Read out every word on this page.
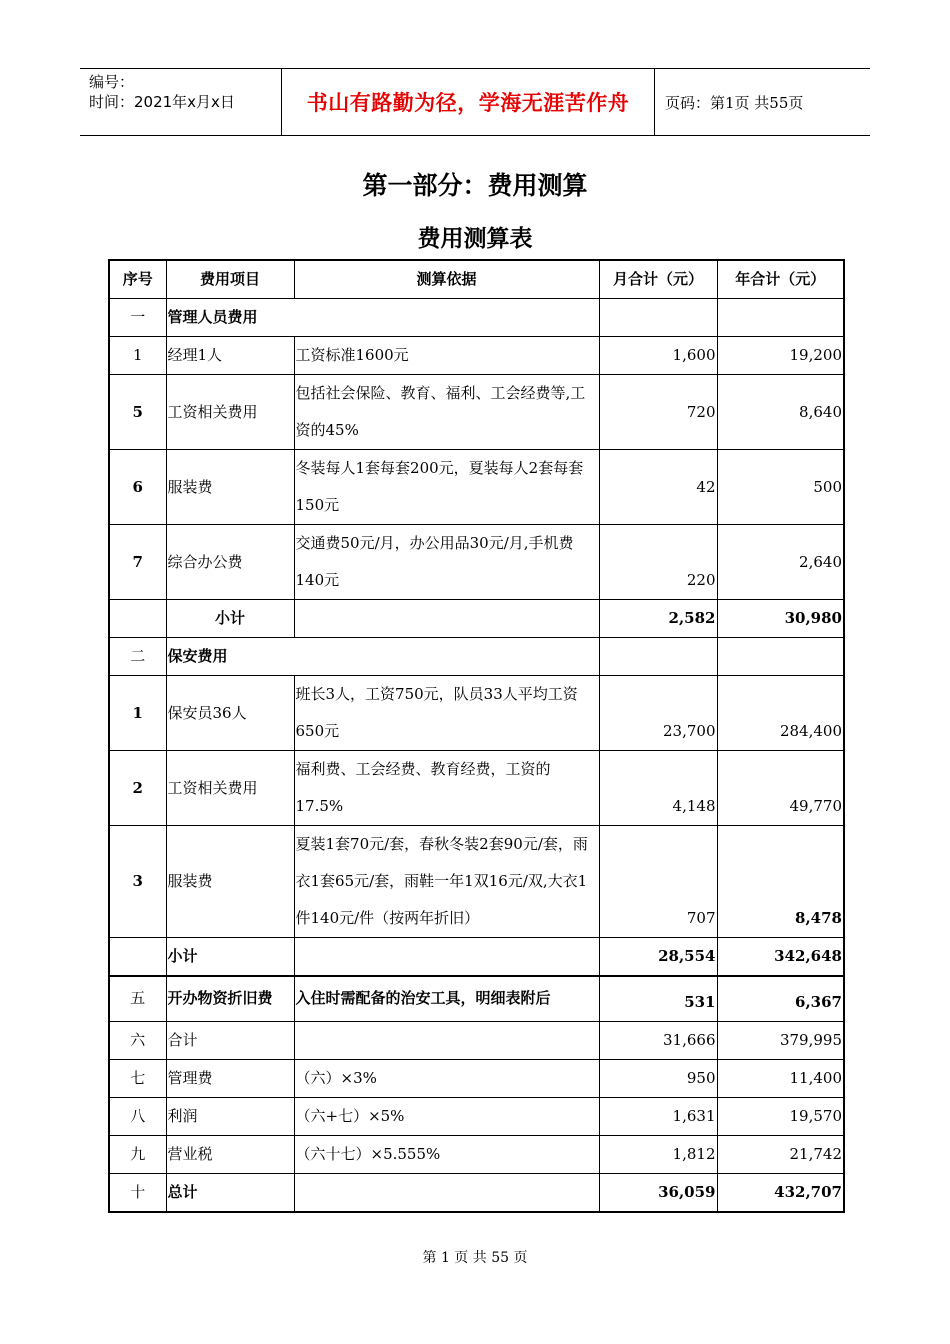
编号：
时间：2021年x月x日	书山有路勤为径，学海无涯苦作舟	页码：第1页 共55页
第一部分：费用测算
费用测算表
序号	费用项目	测算依据	月合计（元）	年合计（元）
一	管理人员费用			
1	经理1人	工资标准1600元	1,600	19,200
5	工资相关费用	包括社会保险、教育、福利、工会经费等,工资的45%	720	8,640
6	服装费	冬装每人1套每套200元，夏装每人2套每套150元	42	500
7	综合办公费	交通费50元/月，办公用品30元/月,手机费140元	220	2,640
	小计		2,582	30,980
二	保安费用			
1	保安员36人	班长3人，工资750元，队员33人平均工资650元	23,700	284,400
2	工资相关费用	福利费、工会经费、教育经费，工资的17.5%	4,148	49,770
3	服装费	夏装1套70元/套，春秋冬装2套90元/套，雨衣1套65元/套，雨鞋一年1双16元/双,大衣1件140元/件（按两年折旧）	707	8,478
	小计		28,554	342,648
五	开办物资折旧费	入住时需配备的治安工具，明细表附后	531	6,367
六	合计		31,666	379,995
七	管理费	（六）×3%	950	11,400
八	利润	（六+七）×5%	1,631	19,570
九	营业税	（六十七）×5.555%	1,812	21,742
十	总计		36,059	432,707
第 1 页 共 55 页
